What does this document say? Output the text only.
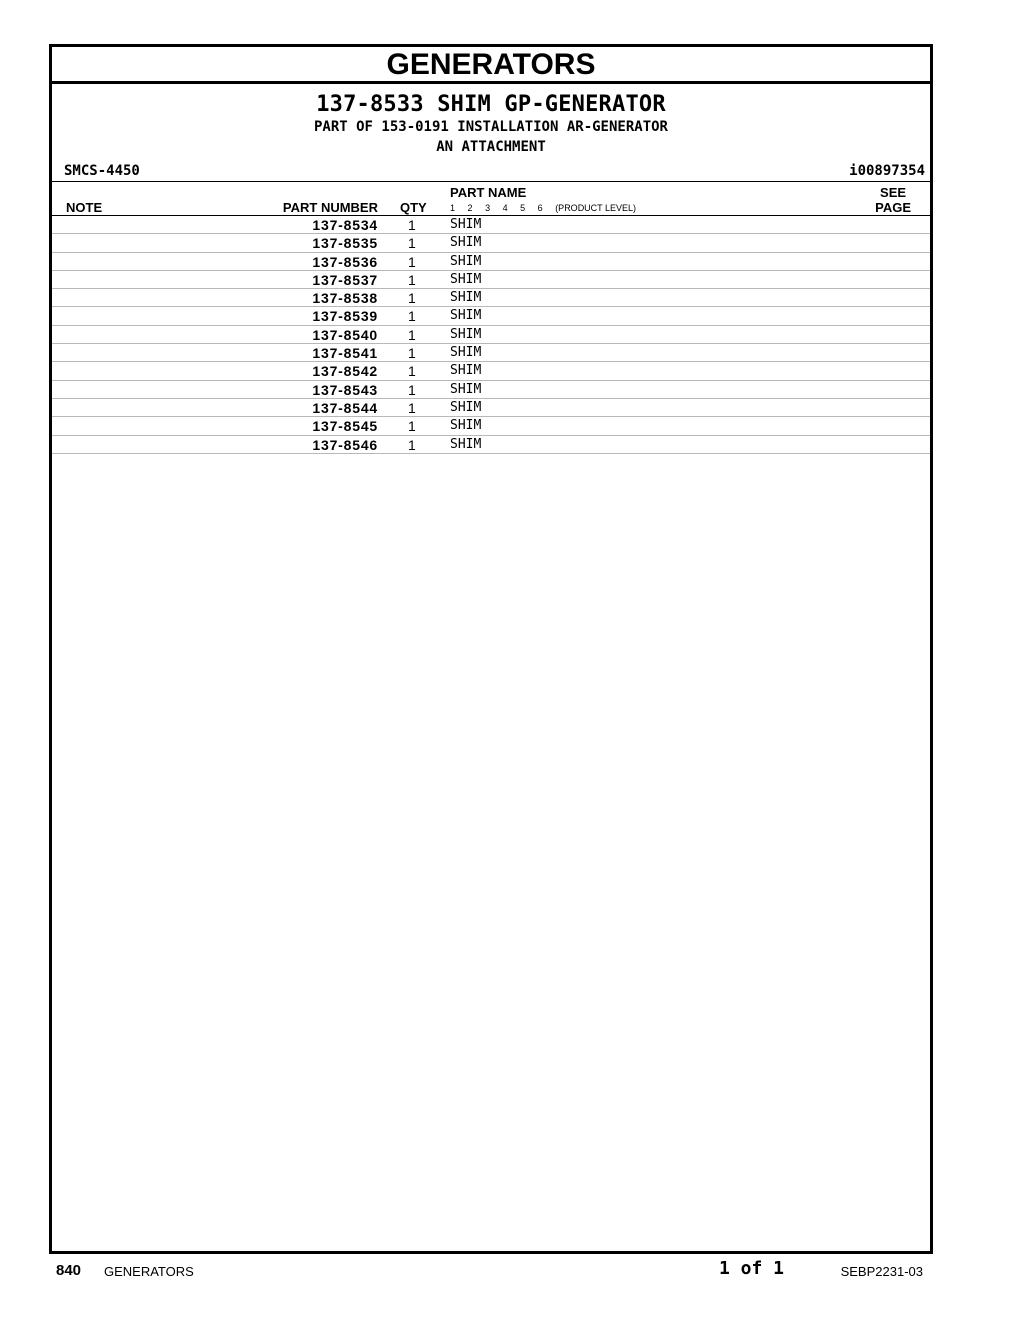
GENERATORS
137-8533 SHIM GP-GENERATOR
PART OF 153-0191 INSTALLATION AR-GENERATOR
AN ATTACHMENT
SMCS-4450	i00897354
NOTE	PART NUMBER QTY
PART NAME
1 2 3 4 5 6 (PRODUCT LEVEL)
SEE
PAGE
137-8534 1	SHIM
137-8535 1	SHIM
137-8536 1	SHIM
137-8537 1	SHIM
137-8538 1	SHIM
137-8539 1	SHIM
137-8540 1	SHIM
137-8541 1	SHIM
137-8542 1	SHIM
137-8543 1	SHIM
137-8544 1	SHIM
137-8545 1	SHIM
137-8546 1	SHIM
840 GENERATORS	1 of 1	SEBP2231-03
